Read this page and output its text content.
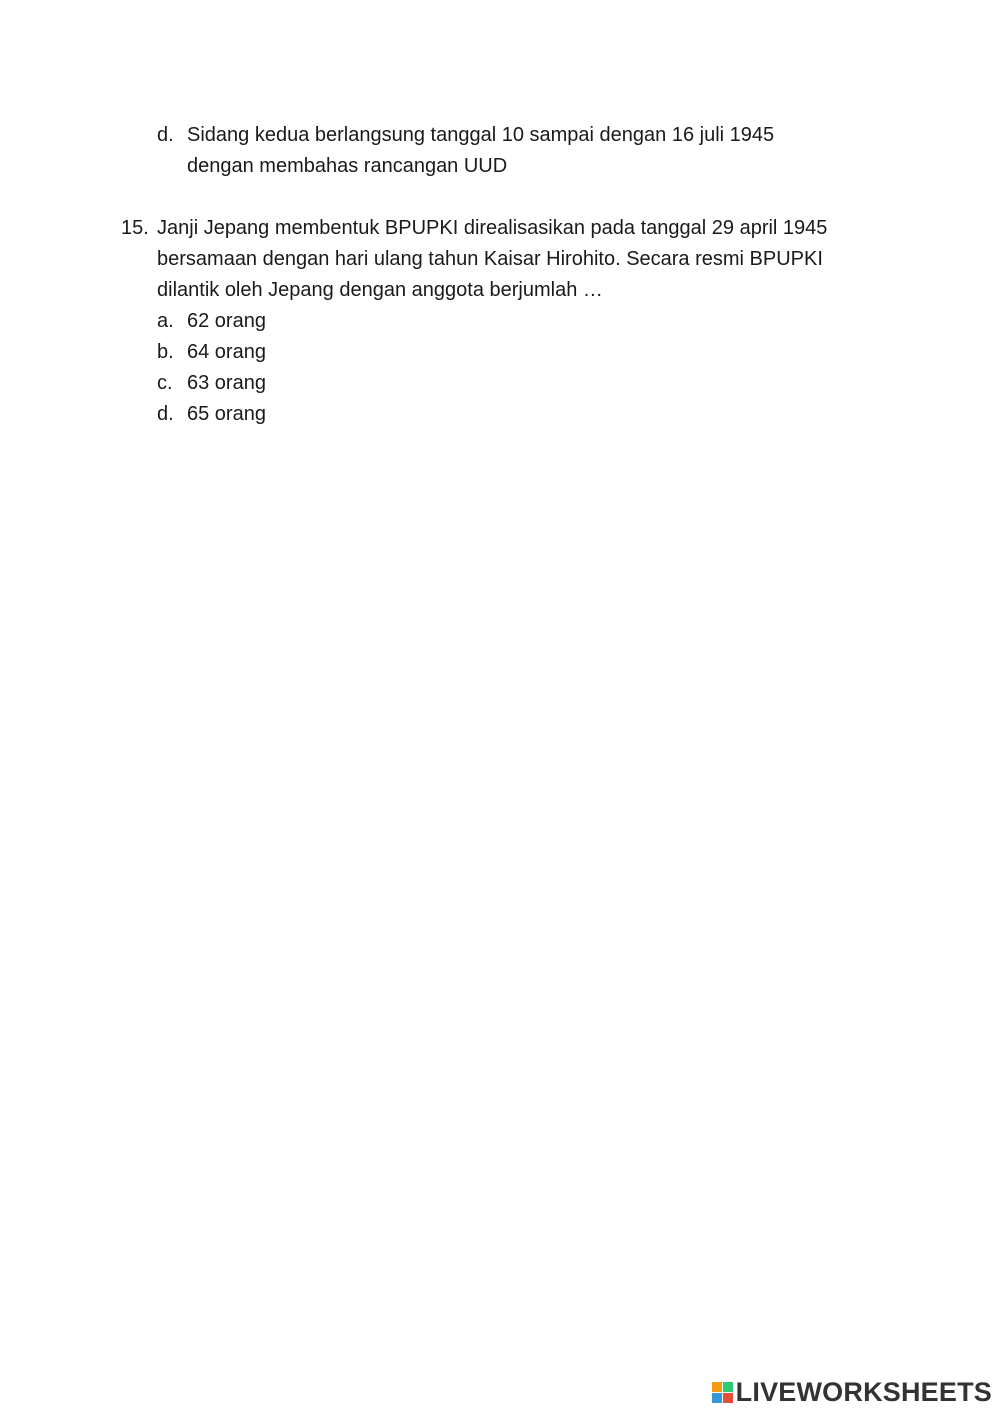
d. Sidang kedua berlangsung tanggal 10 sampai dengan 16 juli 1945
dengan membahas rancangan UUD
15. Janji Jepang membentuk BPUPKI direalisasikan pada tanggal 29 april 1945
bersamaan dengan hari ulang tahun Kaisar Hirohito. Secara resmi BPUPKI
dilantik oleh Jepang dengan anggota berjumlah …
a. 62 orang
b. 64 orang
c. 63 orang
d. 65 orang
LIVEWORKSHEETS
